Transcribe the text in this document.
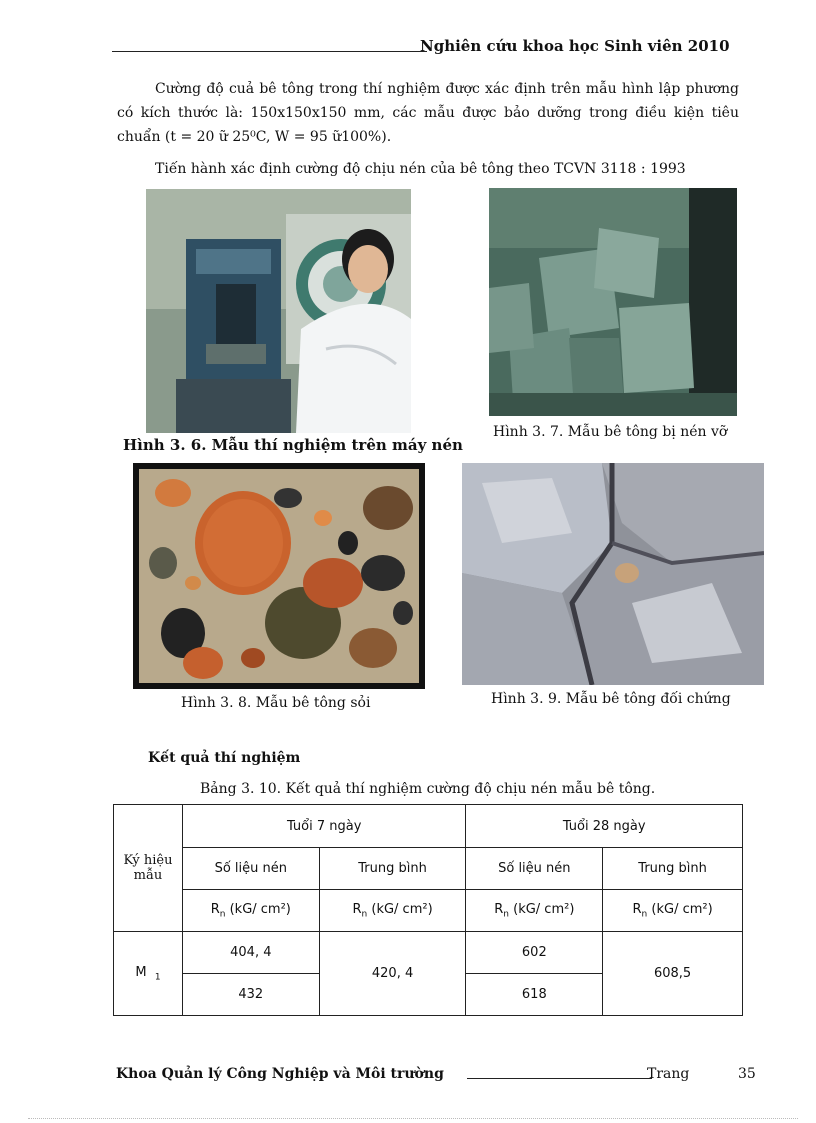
Nghiên cứu khoa học Sinh viên 2010
Cường độ cuả bê tông trong thí nghiệm được xác định trên mẫu hình lập phương có kích thước là: 150x150x150 mm, các mẫu được bảo dưỡng trong điều kiện tiêu chuẩn (t = 20 ữ 25⁰C, W = 95 ữ100%).
Tiến hành xác định cường độ chịu nén của bê tông theo TCVN 3118 : 1993
Hình 3. 6. Mẫu thí nghiệm trên máy nén
Hình 3. 7. Mẫu bê tông bị nén vỡ
Hình 3. 8. Mẫu bê tông sỏi	Hình 3. 9. Mẫu bê tông đối chứng
Kết quả thí nghiệm
Bảng 3. 10. Kết quả thí nghiệm cường độ chịu nén mẫu bê tông.
Ký hiệu mẫu	Tuổi 7 ngày		Tuổi 28 ngày	
	Số liệu nén	Trung bình	Số liệu nén	Trung bình
	$R_n$ (kG/ cm²)	$R_n$ (kG/ cm²)	$R_n$ (kG/ cm²)	$R_n$ (kG/ cm²)
M $_1$	404, 4	420, 4	602	608,5
	432		618	
Khoa Quản lý Công Nghiệp và Môi trường	Trang	35
